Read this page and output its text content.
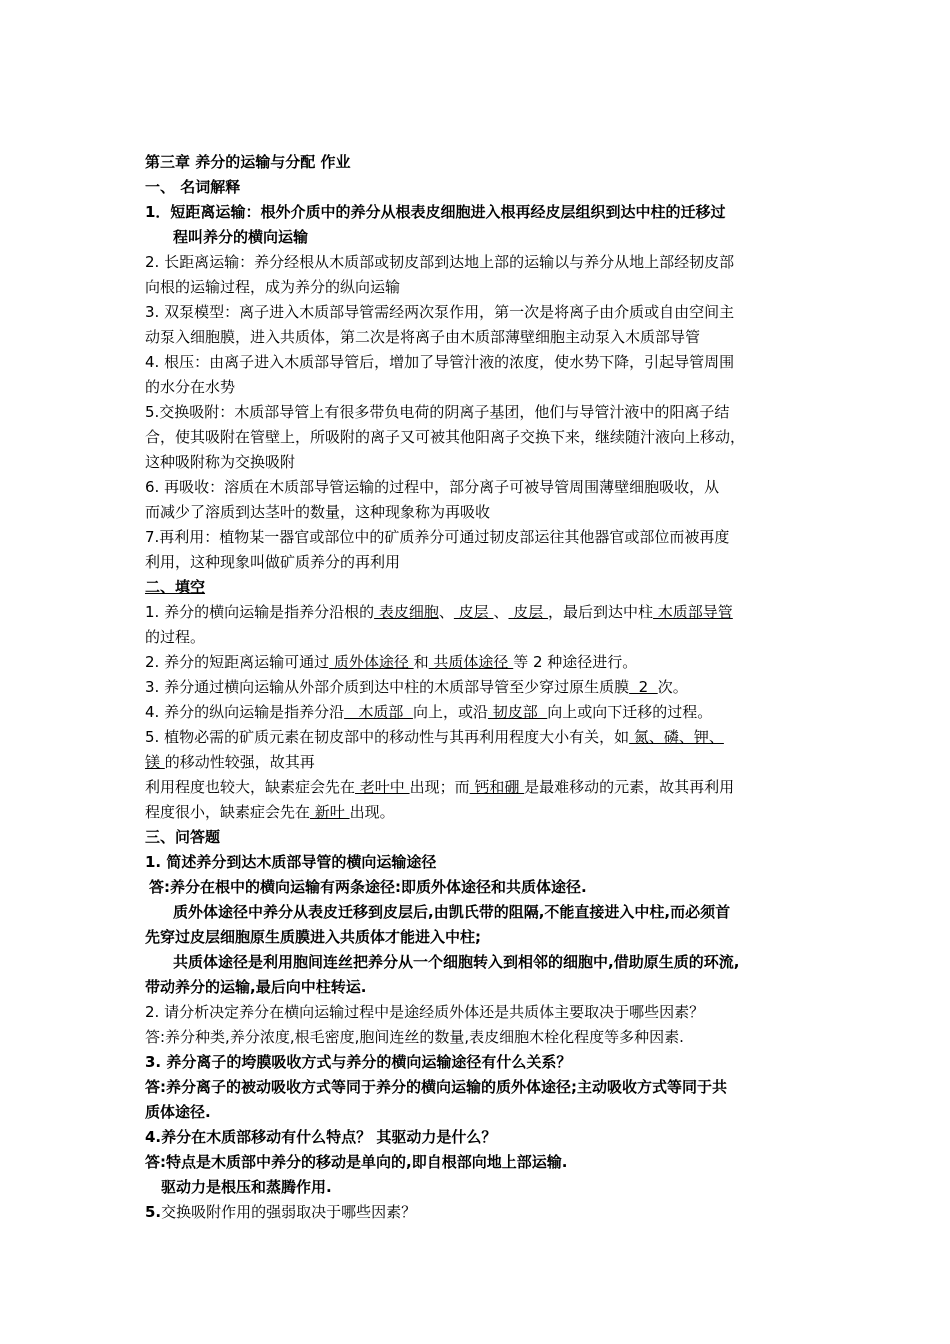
第三章 养分的运输与分配 作业
一、 名词解释
1．短距离运输：根外介质中的养分从根表皮细胞进入根再经皮层组织到达中柱的迁移过
程叫养分的横向运输
2. 长距离运输：养分经根从木质部或韧皮部到达地上部的运输以与养分从地上部经韧皮部
向根的运输过程，成为养分的纵向运输
3. 双泵模型：离子进入木质部导管需经两次泵作用，第一次是将离子由介质或自由空间主
动泵入细胞膜，进入共质体，第二次是将离子由木质部薄壁细胞主动泵入木质部导管
4. 根压：由离子进入木质部导管后，增加了导管汁液的浓度，使水势下降，引起导管周围
的水分在水势
5.交换吸附：木质部导管上有很多带负电荷的阴离子基团，他们与导管汁液中的阳离子结
合，使其吸附在管壁上，所吸附的离子又可被其他阳离子交换下来，继续随汁液向上移动，
这种吸附称为交换吸附
6. 再吸收：溶质在木质部导管运输的过程中，部分离子可被导管周围薄壁细胞吸收，从
而减少了溶质到达茎叶的数量，这种现象称为再吸收
7.再利用：植物某一器官或部位中的矿质养分可通过韧皮部运往其他器官或部位而被再度
利用，这种现象叫做矿质养分的再利用
二、填空
1. 养分的横向运输是指养分沿根的 表皮细胞、 皮层 、 皮层 ，最后到达中柱 木质部导管
的过程。
2. 养分的短距离运输可通过 质外体途径 和 共质体途径 等 2 种途径进行。
3. 养分通过横向运输从外部介质到达中柱的木质部导管至少穿过原生质膜  2  次。
4. 养分的纵向运输是指养分沿   木质部  向上，或沿 韧皮部  向上或向下迁移的过程。
5. 植物必需的矿质元素在韧皮部中的移动性与其再利用程度大小有关，如 氮、磷、钾、
镁 的移动性较强，故其再
利用程度也较大，缺素症会先在 老叶中 出现；而 钙和硼 是最难移动的元素，故其再利用
程度很小，缺素症会先在 新叶 出现。
三、问答题
1. 简述养分到达木质部导管的横向运输途径
答:养分在根中的横向运输有两条途径:即质外体途径和共质体途径.
质外体途径中养分从表皮迁移到皮层后,由凯氏带的阻隔,不能直接进入中柱,而必须首
先穿过皮层细胞原生质膜进入共质体才能进入中柱;
共质体途径是利用胞间连丝把养分从一个细胞转入到相邻的细胞中,借助原生质的环流,
带动养分的运输,最后向中柱转运.
2. 请分析决定养分在横向运输过程中是途经质外体还是共质体主要取决于哪些因素？
答:养分种类,养分浓度,根毛密度,胞间连丝的数量,表皮细胞木栓化程度等多种因素.
3. 养分离子的垮膜吸收方式与养分的横向运输途径有什么关系？
答:养分离子的被动吸收方式等同于养分的横向运输的质外体途径;主动吸收方式等同于共
质体途径.
4.养分在木质部移动有什么特点？ 其驱动力是什么？
答:特点是木质部中养分的移动是单向的,即自根部向地上部运输.
驱动力是根压和蒸腾作用.
5.交换吸附作用的强弱取决于哪些因素？
